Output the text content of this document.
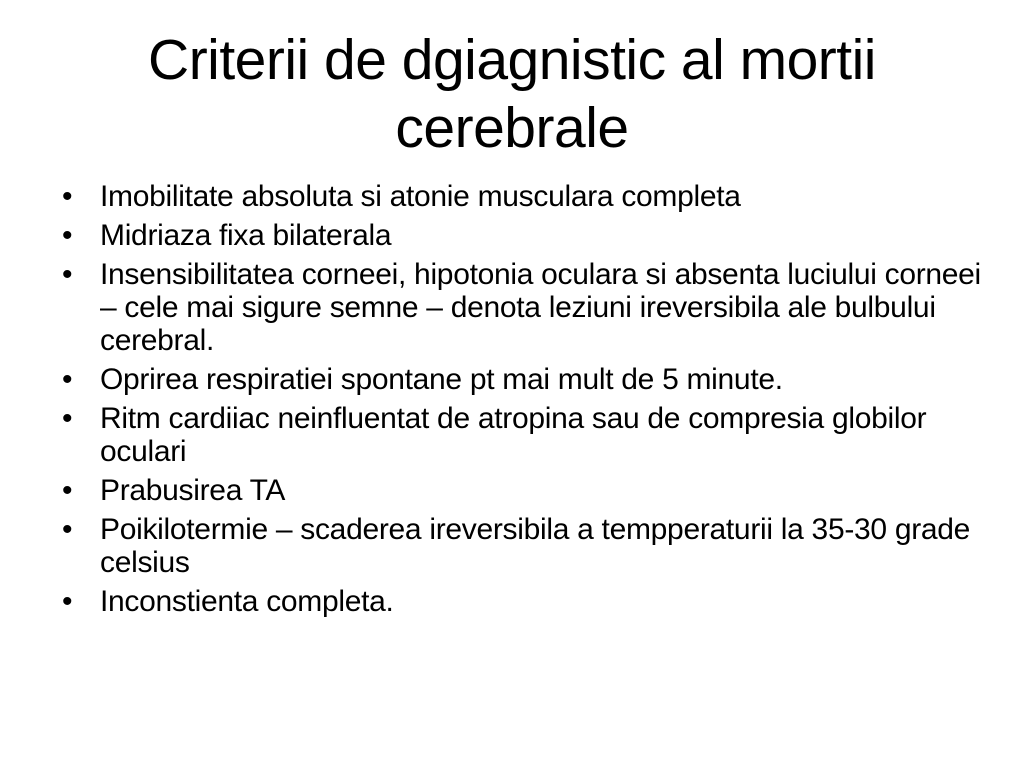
Criterii de dgiagnistic al mortii cerebrale
• Imobilitate absoluta si atonie musculara completa
• Midriaza fixa bilaterala
• Insensibilitatea corneei, hipotonia oculara si absenta luciului corneei – cele mai sigure semne – denota leziuni ireversibila ale bulbului cerebral.
• Oprirea respiratiei spontane pt mai mult de 5 minute.
• Ritm cardiiac neinfluentat de atropina sau de compresia globilor oculari
• Prabusirea TA
• Poikilotermie – scaderea ireversibila a tempperaturii la 35-30 grade celsius
• Inconstienta completa.
